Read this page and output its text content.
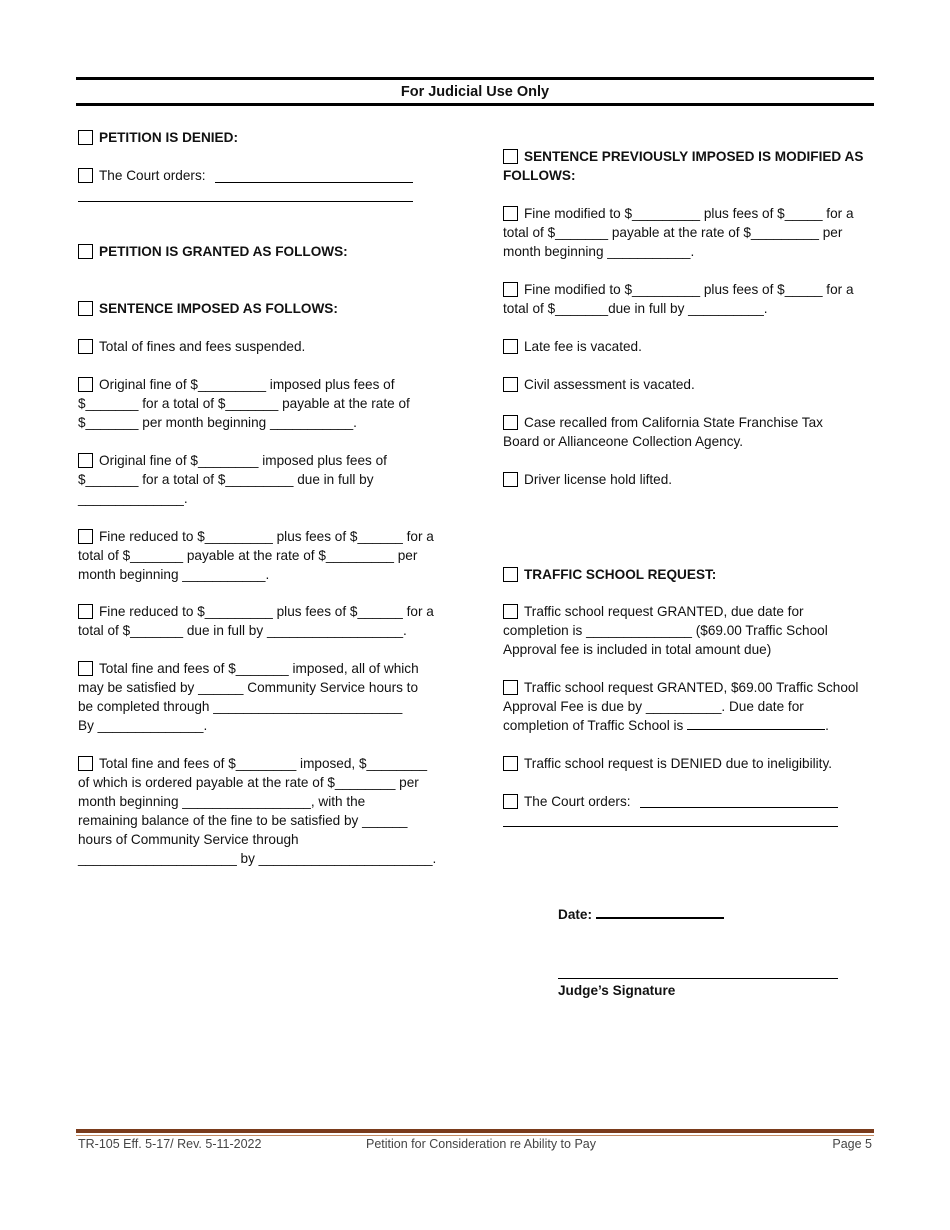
For Judicial Use Only
PETITION IS DENIED:
The Court orders:
PETITION IS GRANTED AS FOLLOWS:
SENTENCE IMPOSED AS FOLLOWS:
Total of fines and fees suspended.
Original fine of $_________ imposed plus fees of
$_______ for a total of $_______ payable at the rate of
$_______ per month beginning ___________.
Original fine of $________ imposed plus fees of
$_______ for a total of $_________ due in full by
______________.
Fine reduced to $_________ plus fees of $______ for a
total of $_______ payable at the rate of $_________ per
month beginning ___________.
Fine reduced to $_________ plus fees of $______ for a
total of $_______ due in full by __________________.
Total fine and fees of $_______ imposed, all of which
may be satisfied by ______ Community Service hours to
be completed through _________________________
By ______________.
Total fine and fees of $________ imposed, $________
of which is ordered payable at the rate of $________ per
month beginning _________________, with the
remaining balance of the fine to be satisfied by ______
hours of Community Service through
_____________________ by _______________________.
SENTENCE PREVIOUSLY IMPOSED IS MODIFIED AS
FOLLOWS:
Fine modified to $_________ plus fees of $_____ for a
total of $_______ payable at the rate of $_________ per
month beginning ___________.
Fine modified to $_________ plus fees of $_____ for a
total of $_______due in full by __________.
Late fee is vacated.
Civil assessment is vacated.
Case recalled from California State Franchise Tax
Board or Allianceone Collection Agency.
Driver license hold lifted.
TRAFFIC SCHOOL REQUEST:
Traffic school request GRANTED, due date for
completion is ______________ ($69.00 Traffic School
Approval fee is included in total amount due)
Traffic school request GRANTED, $69.00 Traffic School
Approval Fee is due by __________. Due date for
completion of Traffic School is	.
Traffic school request is DENIED due to ineligibility.
The Court orders:
Date:
Judge’s Signature
TR-105 Eff. 5-17/ Rev. 5-11-2022	Petition for Consideration re Ability to Pay	Page 5
